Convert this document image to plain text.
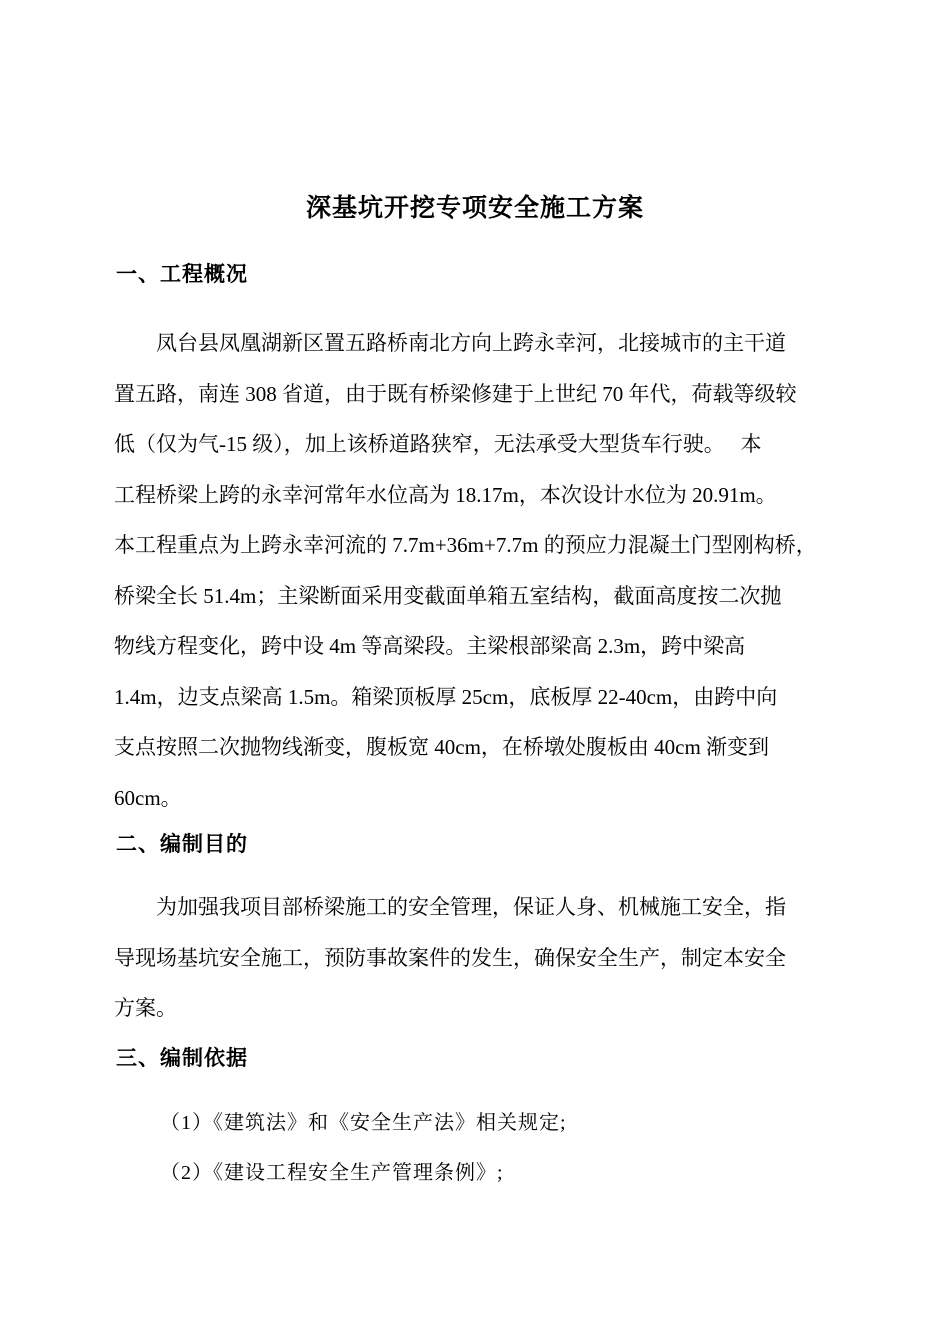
深基坑开挖专项安全施工方案
一、工程概况
　　凤台县凤凰湖新区置五路桥南北方向上跨永幸河，北接城市的主干道
置五路，南连 308 省道，由于既有桥梁修建于上世纪 70 年代，荷载等级较
低（仅为气-15 级），加上该桥道路狭窄，无法承受大型货车行驶。　 本
工程桥梁上跨的永幸河常年水位高为 18.17m，本次设计水位为 20.91m。
本工程重点为上跨永幸河流的 7.7m+36m+7.7m 的预应力混凝土门型刚构桥，
桥梁全长 51.4m；主梁断面采用变截面单箱五室结构，截面高度按二次抛
物线方程变化，跨中设 4m 等高梁段。主梁根部梁高 2.3m，跨中梁高
1.4m，边支点梁高 1.5m。箱梁顶板厚 25cm，底板厚 22-40cm，由跨中向
支点按照二次抛物线渐变，腹板宽 40cm，在桥墩处腹板由 40cm 渐变到
60cm。
二、编制目的
　　为加强我项目部桥梁施工的安全管理，保证人身、机械施工安全，指
导现场基坑安全施工，预防事故案件的发生，确保安全生产，制定本安全
方案。
三、编制依据
（1）《建筑法》和《安全生产法》相关规定;
（2）《建设工程安全生产管理条例》;
